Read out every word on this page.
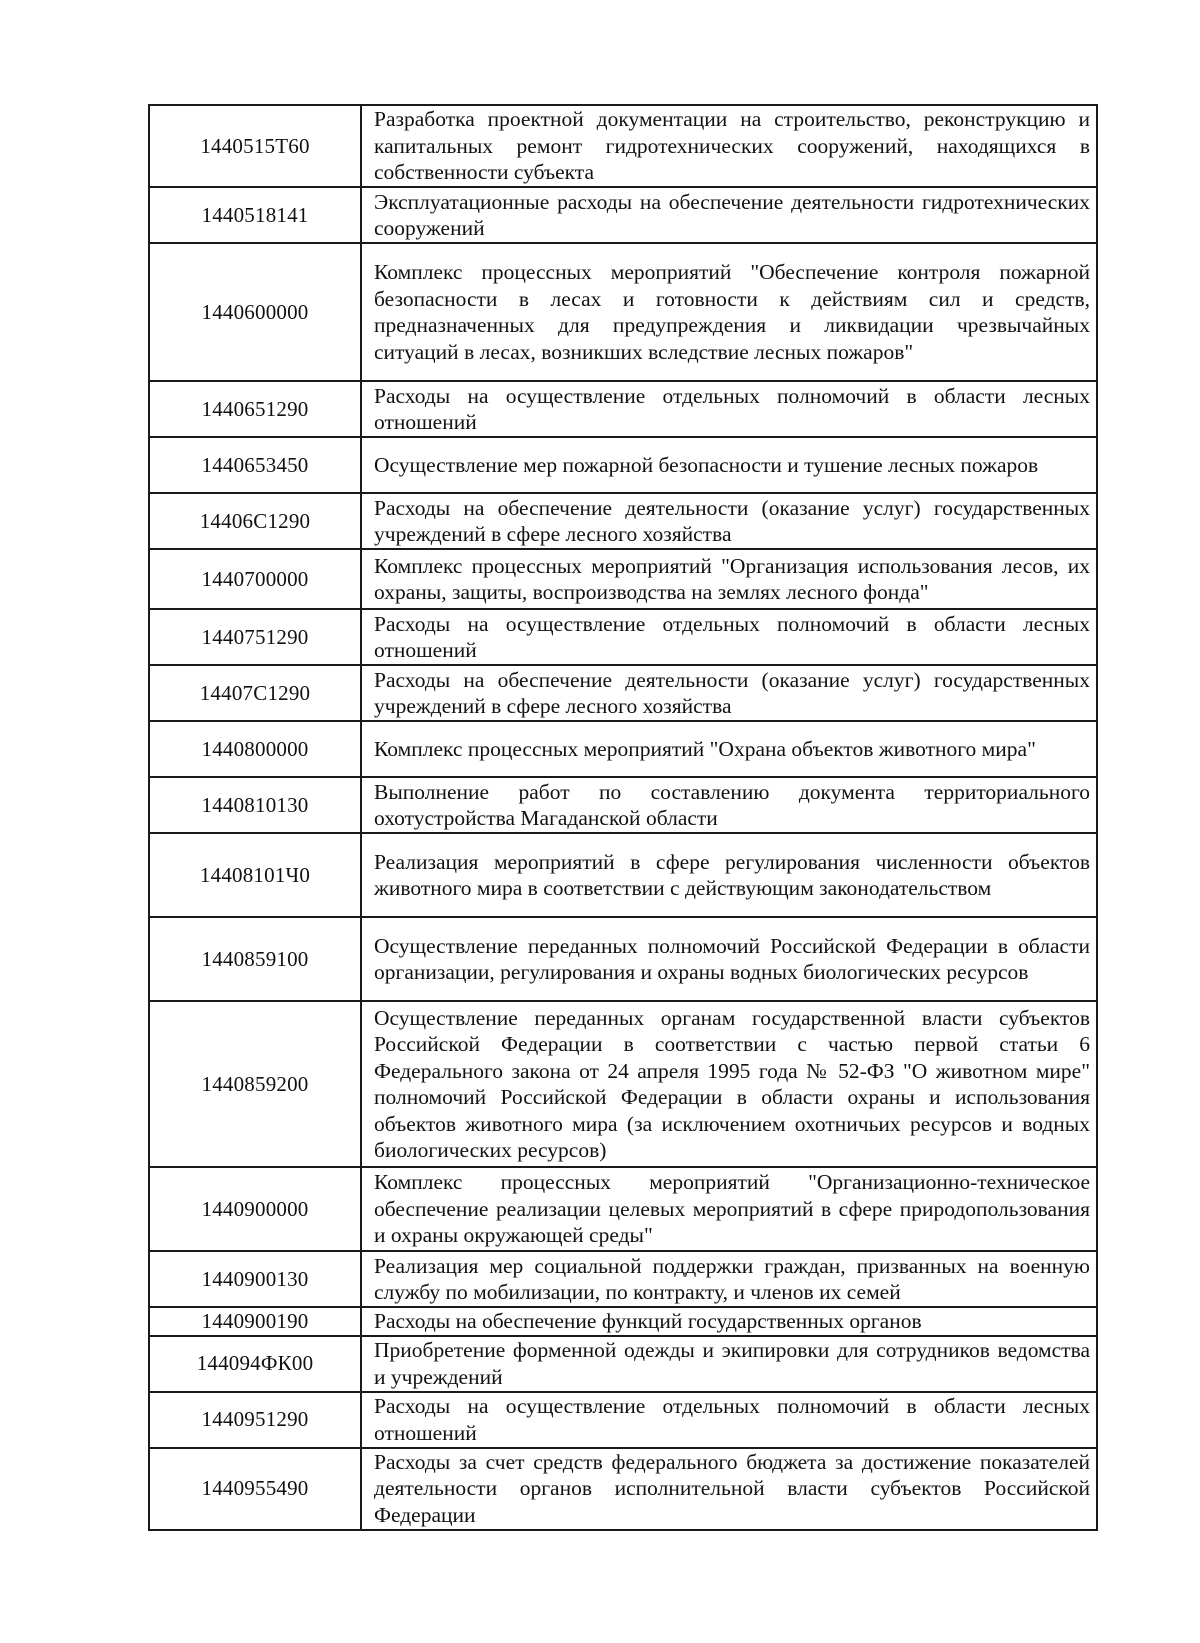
1440515Т60	Разработка проектной документации на строительство, реконструкцию и капитальных ремонт гидротехнических сооружений, находящихся в собственности субъекта
1440518141	Эксплуатационные расходы на обеспечение деятельности гидротехнических сооружений
1440600000	Комплекс процессных мероприятий "Обеспечение контроля пожарной безопасности в лесах и готовности к действиям сил и средств, предназначенных для предупреждения и ликвидации чрезвычайных ситуаций в лесах, возникших вследствие лесных пожаров"
1440651290	Расходы на осуществление отдельных полномочий в области лесных отношений
1440653450	Осуществление мер пожарной безопасности и тушение лесных пожаров
14406С1290	Расходы на обеспечение деятельности (оказание услуг) государственных учреждений в сфере лесного хозяйства
1440700000	Комплекс процессных мероприятий "Организация использования лесов, их охраны, защиты, воспроизводства на землях лесного фонда"
1440751290	Расходы на осуществление отдельных полномочий в области лесных отношений
14407С1290	Расходы на обеспечение деятельности (оказание услуг) государственных учреждений в сфере лесного хозяйства
1440800000	Комплекс процессных мероприятий "Охрана объектов животного мира"
1440810130	Выполнение работ по составлению документа территориального охотустройства Магаданской области
14408101Ч0	Реализация мероприятий в сфере регулирования численности объектов животного мира в соответствии с действующим законодательством
1440859100	Осуществление переданных полномочий Российской Федерации в области организации, регулирования и охраны водных биологических ресурсов
1440859200	Осуществление переданных органам государственной власти субъектов Российской Федерации в соответствии с частью первой статьи 6 Федерального закона от 24 апреля 1995 года № 52-ФЗ "О животном мире" полномочий Российской Федерации в области охраны и использования объектов животного мира (за исключением охотничьих ресурсов и водных биологических ресурсов)
1440900000	Комплекс процессных мероприятий "Организационно-техническое обеспечение реализации целевых мероприятий в сфере природопользования и охраны окружающей среды"
1440900130	Реализация мер социальной поддержки граждан, призванных на военную службу по мобилизации, по контракту, и членов их семей
1440900190	Расходы на обеспечение функций государственных органов
144094ФК00	Приобретение форменной одежды и экипировки для сотрудников ведомства и учреждений
1440951290	Расходы на осуществление отдельных полномочий в области лесных отношений
1440955490	Расходы за счет средств федерального бюджета за достижение показателей деятельности органов исполнительной власти субъектов Российской Федерации
